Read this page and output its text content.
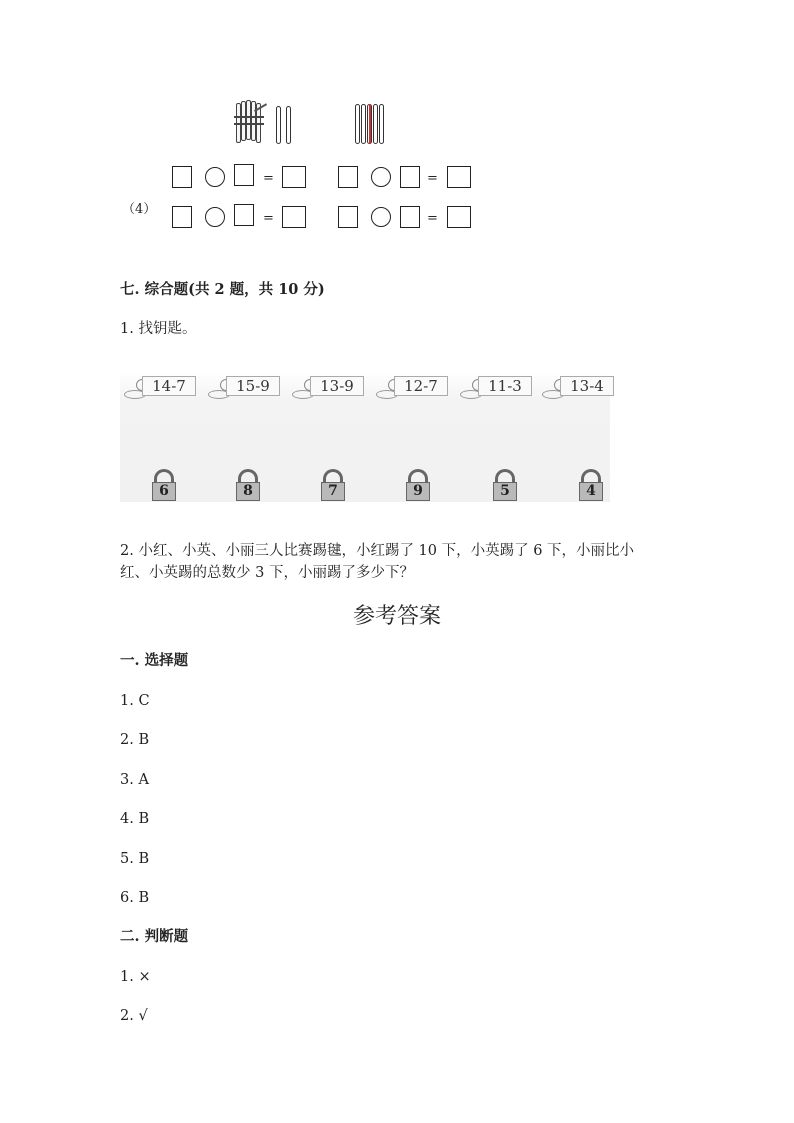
（4）
=	=
=	=
七. 综合题(共 2 题，共 10 分)
1. 找钥匙。
14-7	15-9	13-9	12-7	11-3	13-4
6	8	7	9	5	4
2. 小红、小英、小丽三人比赛踢毽，小红踢了 10 下，小英踢了 6 下，小丽比小
红、小英踢的总数少 3 下，小丽踢了多少下？
参考答案
一. 选择题
1. C
2. B
3. A
4. B
5. B
6. B
二. 判断题
1. ×
2. √
